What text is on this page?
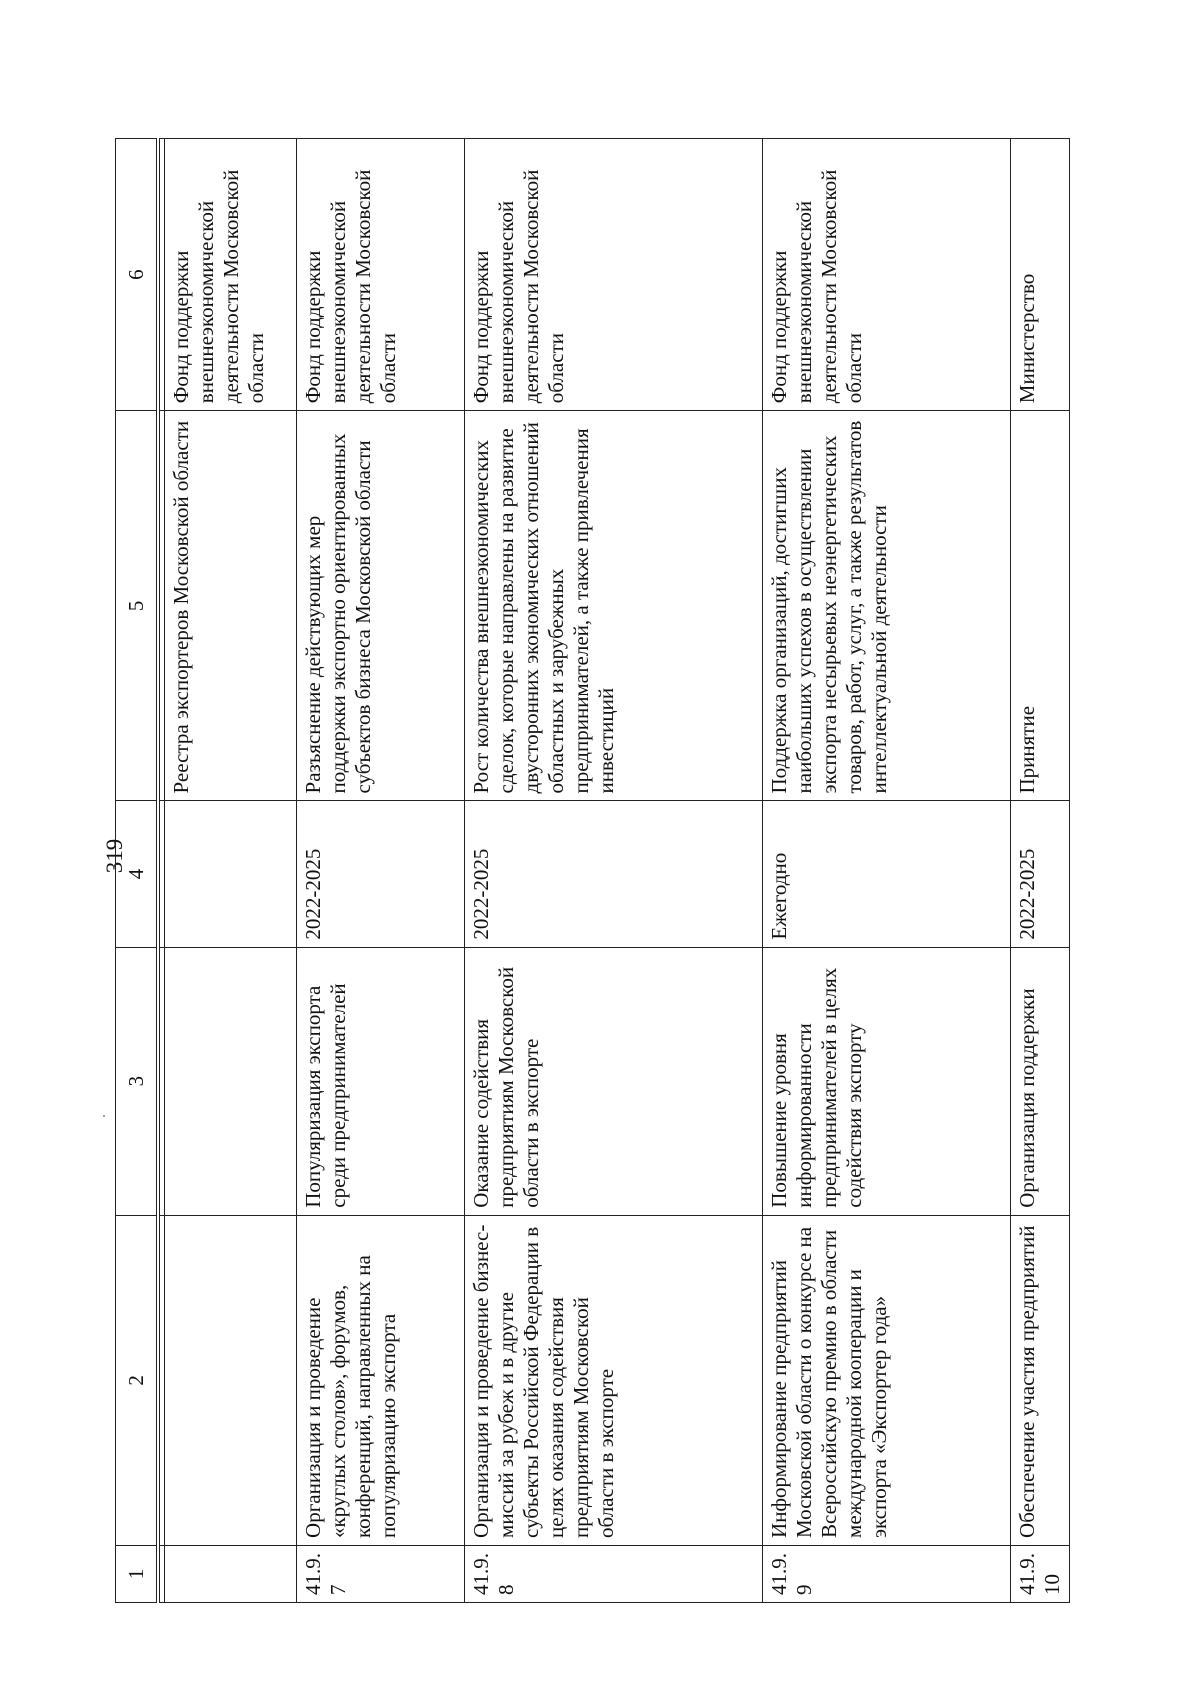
319
1	2	3	4	5	6

				Реестра экспортеров Московской области	Фонд поддержки внешнеэкономической деятельности Московской области
41.9.7	Организация и проведение «круглых столов», форумов, конференций, направленных на популяризацию экспорта	Популяризация экспорта среди предпринимателей	2022-2025	Разъяснение действующих мер поддержки экспортно ориентированных субъектов бизнеса Московской области	Фонд поддержки внешнеэкономической деятельности Московской области
41.9.8	Организация и проведение бизнес-миссий за рубеж и в другие субъекты Российской Федерации в целях оказания содействия предприятиям Московской области в экспорте	Оказание содействия предприятиям Московской области в экспорте	2022-2025	Рост количества внешнеэкономических сделок, которые направлены на развитие двусторонних экономических отношений областных и зарубежных предпринимателей, а также привлечения инвестиций	Фонд поддержки внешнеэкономической деятельности Московской области
41.9.9	Информирование предприятий Московской области о конкурсе на Всероссийскую премию в области международной кооперации и экспорта «Экспортер года»	Повышение уровня информированности предпринимателей в целях содействия экспорту	Ежегодно	Поддержка организаций, достигших наибольших успехов в осуществлении экспорта несырьевых неэнергетических товаров, работ, услуг, а также результатов интеллектуальной деятельности	Фонд поддержки внешнеэкономической деятельности Московской области
41.9.10	Обеспечение участия предприятий	Организация поддержки	2022-2025	Принятие	Министерство
